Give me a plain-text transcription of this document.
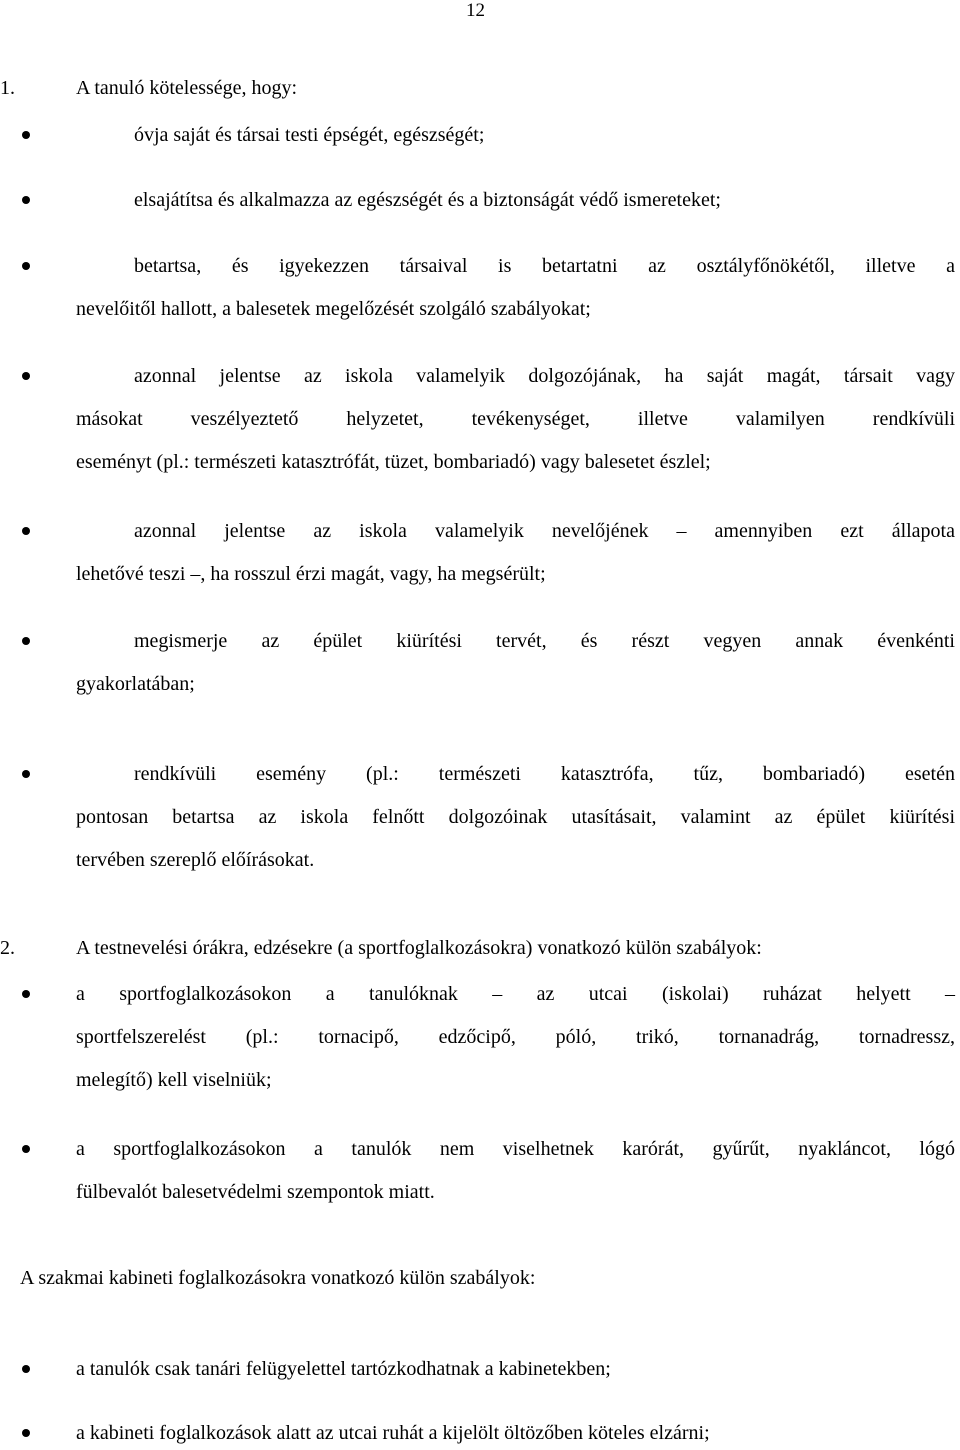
12
1.	A tanuló kötelessége, hogy:
óvja saját és társai testi épségét, egészségét;
elsajátítsa és alkalmazza az egészségét és a biztonságát védő ismereteket;
betartsa, és igyekezzen társaival is betartatni az osztályfőnökétől, illetve a
nevelőitől hallott, a balesetek megelőzését szolgáló szabályokat;
azonnal jelentse az iskola valamelyik dolgozójának, ha saját magát, társait vagy
másokat veszélyeztető helyzetet, tevékenységet, illetve valamilyen rendkívüli
eseményt (pl.: természeti katasztrófát, tüzet, bombariadó) vagy balesetet észlel;
azonnal jelentse az iskola valamelyik nevelőjének – amennyiben ezt állapota
lehetővé teszi –, ha rosszul érzi magát, vagy, ha megsérült;
megismerje az épület kiürítési tervét, és részt vegyen annak évenkénti
gyakorlatában;
rendkívüli esemény (pl.: természeti katasztrófa, tűz, bombariadó) esetén
pontosan betartsa az iskola felnőtt dolgozóinak utasításait, valamint az épület kiürítési
tervében szereplő előírásokat.
2.	A testnevelési órákra, edzésekre (a sportfoglalkozásokra) vonatkozó külön szabályok:
a sportfoglalkozásokon a tanulóknak – az utcai (iskolai) ruházat helyett –
sportfelszerelést (pl.: tornacipő, edzőcipő, póló, trikó, tornanadrág, tornadressz,
melegítő) kell viselniük;
a sportfoglalkozásokon a tanulók nem viselhetnek karórát, gyűrűt, nyakláncot, lógó
fülbevalót balesetvédelmi szempontok miatt.
A szakmai kabineti foglalkozásokra vonatkozó külön szabályok:
a tanulók csak tanári felügyelettel tartózkodhatnak a kabinetekben;
a kabineti foglalkozások alatt az utcai ruhát a kijelölt öltözőben köteles elzárni;
